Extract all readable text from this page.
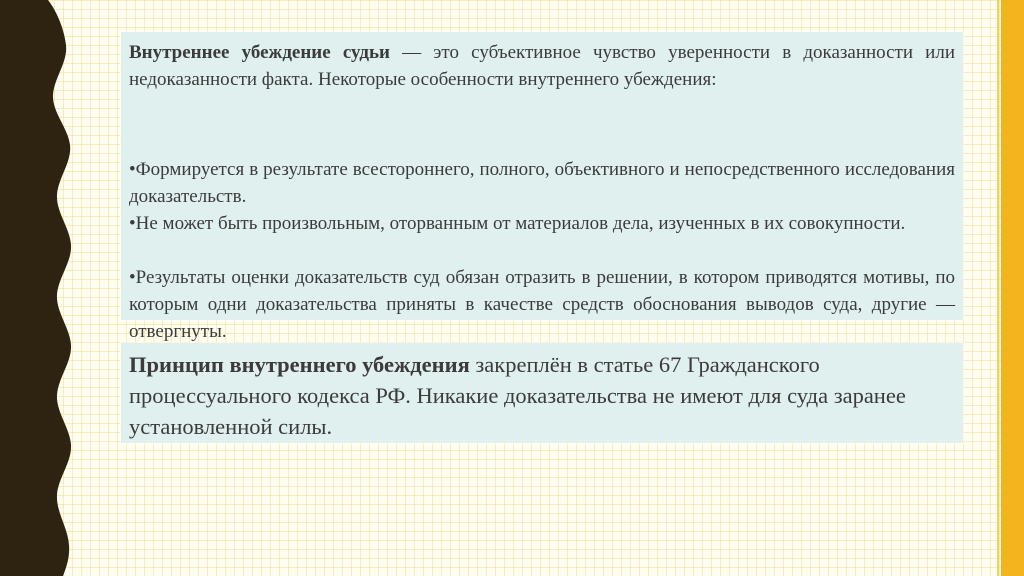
Внутреннее убеждение судьи — это субъективное чувство уверенности в доказанности или недоказанности факта. Некоторые особенности внутреннего убеждения:

•Формируется в результате всестороннего, полного, объективного и непосредственного исследования доказательств.

•Не может быть произвольным, оторванным от материалов дела, изученных в их совокупности.

•Результаты оценки доказательств суд обязан отразить в решении, в котором приводятся мотивы, по которым одни доказательства приняты в качестве средств обоснования выводов суда, другие — отвергнуты.

Принцип внутреннего убеждения закреплён в статье 67 Гражданского процессуального кодекса РФ. Никакие доказательства не имеют для суда заранее установленной силы.
